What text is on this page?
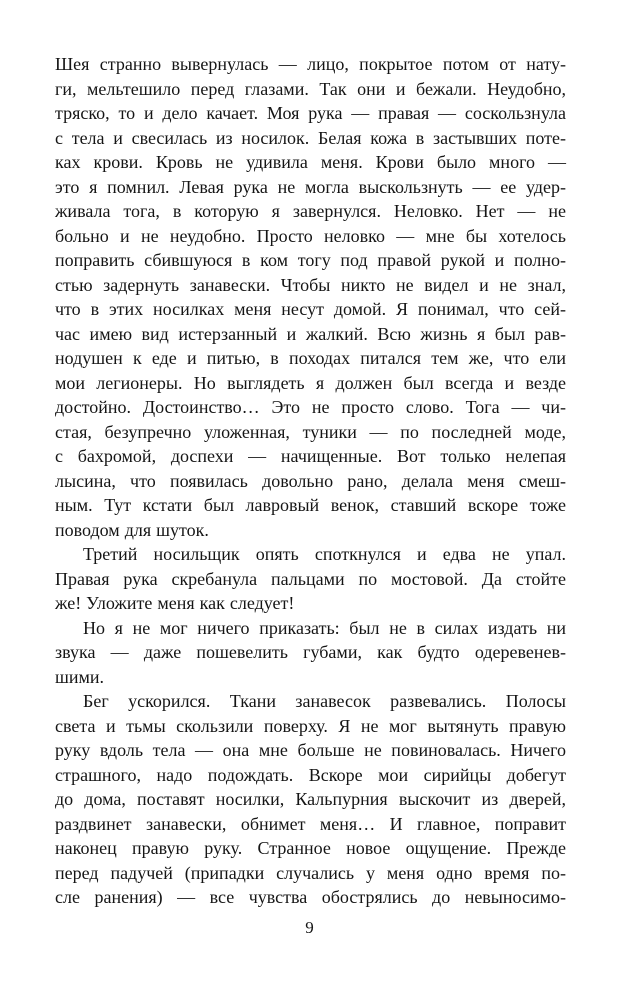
Шея странно вывернулась — лицо, покрытое потом от нату-
ги, мельтешило перед глазами. Так они и бежали. Неудобно,
тряско, то и дело качает. Моя рука — правая — соскользнула
с тела и свесилась из носилок. Белая кожа в застывших поте-
ках крови. Кровь не удивила меня. Крови было много —
это я помнил. Левая рука не могла выскользнуть — ее удер-
живала тога, в которую я завернулся. Неловко. Нет — не
больно и не неудобно. Просто неловко — мне бы хотелось
поправить сбившуюся в ком тогу под правой рукой и полно-
стью задернуть занавески. Чтобы никто не видел и не знал,
что в этих носилках меня несут домой. Я понимал, что сей-
час имею вид истерзанный и жалкий. Всю жизнь я был рав-
нодушен к еде и питью, в походах питался тем же, что ели
мои легионеры. Но выглядеть я должен был всегда и везде
достойно. Достоинство… Это не просто слово. Тога — чи-
стая, безупречно уложенная, туники — по последней моде,
с бахромой, доспехи — начищенные. Вот только нелепая
лысина, что появилась довольно рано, делала меня смеш-
ным. Тут кстати был лавровый венок, ставший вскоре тоже
поводом для шуток.
Третий носильщик опять споткнулся и едва не упал.
Правая рука скребанула пальцами по мостовой. Да стойте
же! Уложите меня как следует!
Но я не мог ничего приказать: был не в силах издать ни
звука — даже пошевелить губами, как будто одеревенев-
шими.
Бег ускорился. Ткани занавесок развевались. Полосы
света и тьмы скользили поверху. Я не мог вытянуть правую
руку вдоль тела — она мне больше не повиновалась. Ничего
страшного, надо подождать. Вскоре мои сирийцы добегут
до дома, поставят носилки, Кальпурния выскочит из дверей,
раздвинет занавески, обнимет меня… И главное, поправит
наконец правую руку. Странное новое ощущение. Прежде
перед падучей (припадки случались у меня одно время по-
сле ранения) — все чувства обострялись до невыносимо-
9
